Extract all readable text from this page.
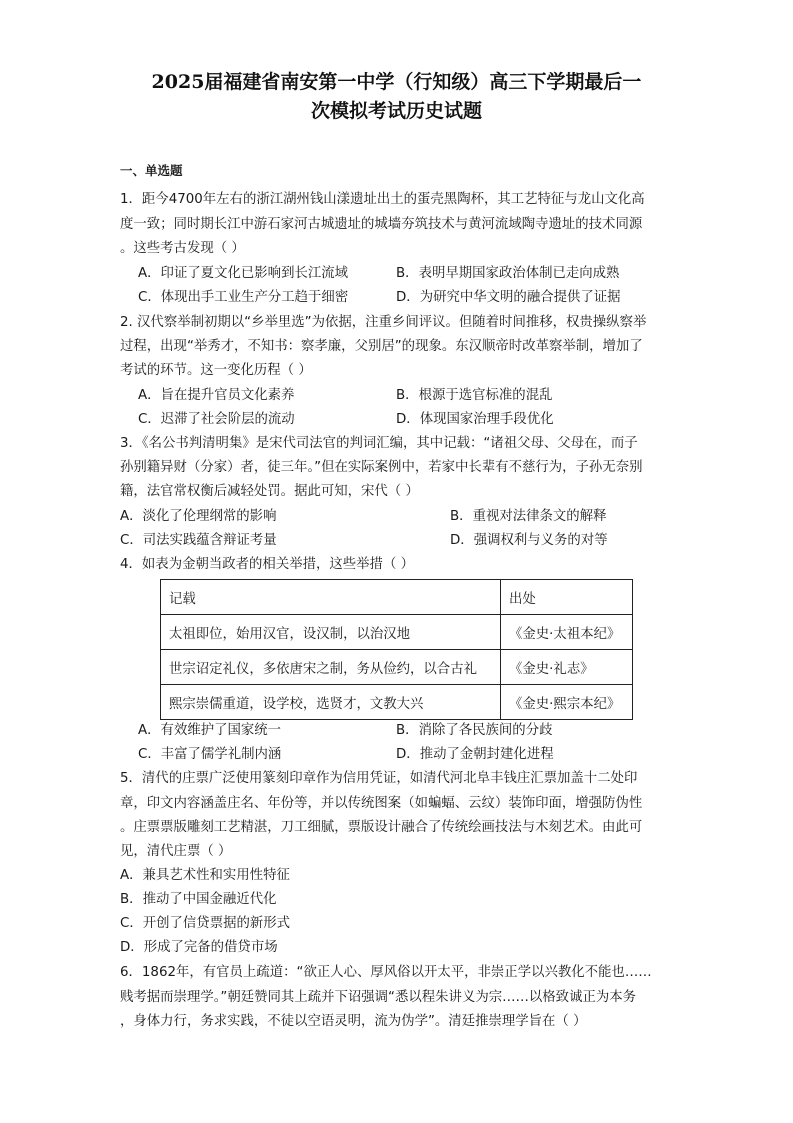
2025届福建省南安第一中学（行知级）高三下学期最后一
次模拟考试历史试题
一、单选题
1．距今4700年左右的浙江湖州钱山漾遗址出土的蛋壳黑陶杯，其工艺特征与龙山文化高
度一致；同时期长江中游石家河古城遗址的城墙夯筑技术与黄河流域陶寺遗址的技术同源
。这些考古发现（ ）
A．印证了夏文化已影响到长江流域	B．表明早期国家政治体制已走向成熟
C．体现出手工业生产分工趋于细密	D．为研究中华文明的融合提供了证据
2. 汉代察举制初期以“乡举里选”为依据，注重乡间评议。但随着时间推移，权贵操纵察举
过程，出现“举秀才，不知书：察孝廉，父别居”的现象。东汉顺帝时改革察举制，增加了
考试的环节。这一变化历程（ ）
A．旨在提升官员文化素养	B．根源于选官标准的混乱
C．迟滞了社会阶层的流动	D．体现国家治理手段优化
3．《名公书判清明集》是宋代司法官的判词汇编，其中记载：“诸祖父母、父母在，而子
孙别籍异财（分家）者，徒三年。”但在实际案例中，若家中长辈有不慈行为，子孙无奈别
籍，法官常权衡后减轻处罚。据此可知，宋代（ ）
A．淡化了伦理纲常的影响	B．重视对法律条文的解释
C．司法实践蕴含辩证考量	D．强调权利与义务的对等
4．如表为金朝当政者的相关举措，这些举措（ ）
记载	出处
太祖即位，始用汉官，设汉制，以治汉地	《金史·太祖本纪》
世宗诏定礼仪，多依唐宋之制，务从俭约，以合古礼	《金史·礼志》
熙宗崇儒重道，设学校，选贤才，文教大兴	《金史·熙宗本纪》
A．有效维护了国家统一	B．消除了各民族间的分歧
C．丰富了儒学礼制内涵	D．推动了金朝封建化进程
5．清代的庄票广泛使用篆刻印章作为信用凭证，如清代河北阜丰钱庄汇票加盖十二处印
章，印文内容涵盖庄名、年份等，并以传统图案（如蝙蝠、云纹）装饰印面，增强防伪性
。庄票票版雕刻工艺精湛，刀工细腻，票版设计融合了传统绘画技法与木刻艺术。由此可
见，清代庄票（ ）
A．兼具艺术性和实用性特征
B．推动了中国金融近代化
C．开创了信贷票据的新形式
D．形成了完备的借贷市场
6．1862年，有官员上疏道：“欲正人心、厚风俗以开太平，非崇正学以兴教化不能也……
贱考据而崇理学。”朝廷赞同其上疏并下诏强调“悉以程朱讲义为宗……以格致诚正为本务
，身体力行，务求实践，不徒以空语灵明，流为伪学”。清廷推崇理学旨在（ ）
